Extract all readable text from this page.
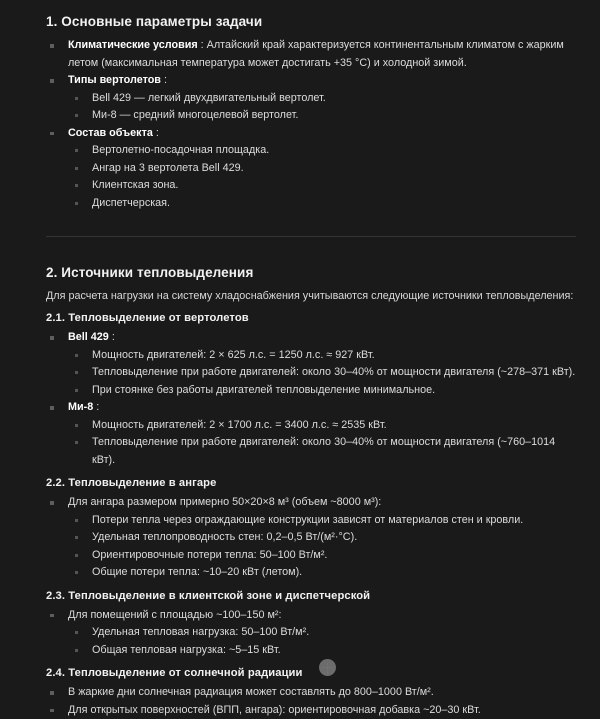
1. Основные параметры задачи
Климатические условия : Алтайский край характеризуется континентальным климатом с жарким летом (максимальная температура может достигать +35 °C) и холодной зимой.
Типы вертолетов :
Bell 429 — легкий двухдвигательный вертолет.
Ми-8 — средний многоцелевой вертолет.
Состав объекта :
Вертолетно-посадочная площадка.
Ангар на 3 вертолета Bell 429.
Клиентская зона.
Диспетчерская.
2. Источники тепловыделения

Для расчета нагрузки на систему хладоснабжения учитываются следующие источники тепловыделения:

2.1. Тепловыделение от вертолетов
Bell 429 :
Мощность двигателей: 2 × 625 л.с. = 1250 л.с. ≈ 927 кВт.
Тепловыделение при работе двигателей: около 30–40% от мощности двигателя (~278–371 кВт).
При стоянке без работы двигателей тепловыделение минимальное.
Ми-8 :
Мощность двигателей: 2 × 1700 л.с. = 3400 л.с. ≈ 2535 кВт.
Тепловыделение при работе двигателей: около 30–40% от мощности двигателя (~760–1014 кВт).
2.2. Тепловыделение в ангаре
Для ангара размером примерно 50×20×8 м³ (объем ~8000 м³):
Потери тепла через ограждающие конструкции зависят от материалов стен и кровли.
Удельная теплопроводность стен: 0,2–0,5 Вт/(м²·°C).
Ориентировочные потери тепла: 50–100 Вт/м².
Общие потери тепла: ~10–20 кВт (летом).
2.3. Тепловыделение в клиентской зоне и диспетчерской
Для помещений с площадью ~100–150 м²:
Удельная тепловая нагрузка: 50–100 Вт/м².
Общая тепловая нагрузка: ~5–15 кВт.
2.4. Тепловыделение от солнечной радиации
В жаркие дни солнечная радиация может составлять до 800–1000 Вт/м².
Для открытых поверхностей (ВПП, ангара): ориентировочная добавка ~20–30 кВт.
